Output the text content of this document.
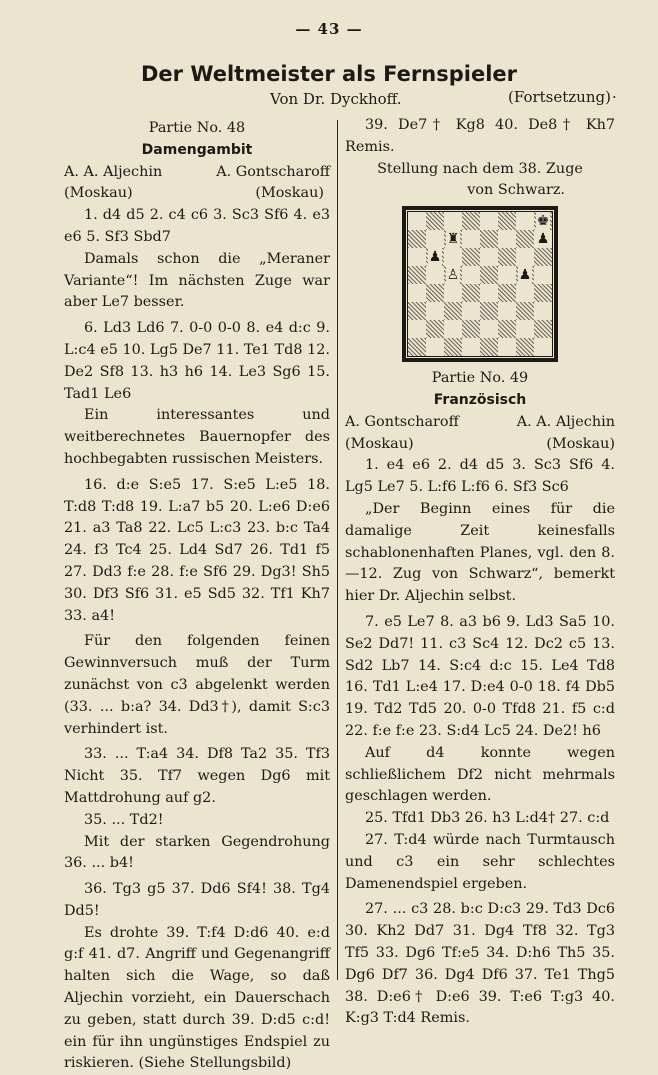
— 43 —
Der Weltmeister als Fernspieler
Von Dr. Dyckhoff.	(Fortsetzung) ·

Partie No. 48

Damengambit

A. A. Aljechin	A. Gontscharoff
(Moskau)	(Moskau)

1. d4 d5 2. c4 c6 3. Sc3 Sf6 4. e3 e6 5. Sf3 Sbd7

Damals schon die „Meraner Variante“! Im nächsten Zuge war aber Le7 besser.

6. Ld3 Ld6 7. 0-0 0-0 8. e4 d:c 9. L:c4 e5 10. Lg5 De7 11. Te1 Td8 12. De2 Sf8 13. h3 h6 14. Le3 Sg6 15. Tad1 Le6

Ein interessantes und weitberechnetes Bauernopfer des hochbegabten russischen Meisters.

16. d:e S:e5 17. S:e5 L:e5 18. T:d8 T:d8 19. L:a7 b5 20. L:e6 D:e6 21. a3 Ta8 22. Lc5 L:c3 23. b:c Ta4 24. f3 Tc4 25. Ld4 Sd7 26. Td1 f5 27. Dd3 f:e 28. f:e Sf6 29. Dg3! Sh5 30. Df3 Sf6 31. e5 Sd5 32. Tf1 Kh7 33. a4!

Für den folgenden feinen Gewinnversuch muß der Turm zunächst von c3 abgelenkt werden (33. ... b:a? 34. Dd3†), damit S:c3 verhindert ist.

33. ... T:a4 34. Df8 Ta2 35. Tf3 Nicht 35. Tf7 wegen Dg6 mit Mattdrohung auf g2.

35. ... Td2!

Mit der starken Gegendrohung 36. ... b4!

36. Tg3 g5 37. Dd6 Sf4! 38. Tg4 Dd5!

Es drohte 39. T:f4 D:d6 40. e:d g:f 41. d7. Angriff und Gegenangriff halten sich die Wage, so daß Aljechin vorzieht, ein Dauerschach zu geben, statt durch 39. D:d5 c:d! ein für ihn ungünstiges Endspiel zu riskieren. (Siehe Stellungsbild)

39. De7† Kg8 40. De8† Kh7 Remis.

Stellung nach dem 38. Zuge

von Schwarz.

♚
♜	♟
♟
♙	♟

Partie No. 49

Französisch

A. Gontscharoff	A. A. Aljechin
(Moskau)	(Moskau)

1. e4 e6 2. d4 d5 3. Sc3 Sf6 4. Lg5 Le7 5. L:f6 L:f6 6. Sf3 Sc6

„Der Beginn eines für die damalige Zeit keinesfalls schablonenhaften Planes, vgl. den 8.—12. Zug von Schwarz“, bemerkt hier Dr. Aljechin selbst.

7. e5 Le7 8. a3 b6 9. Ld3 Sa5 10. Se2 Dd7! 11. c3 Sc4 12. Dc2 c5 13. Sd2 Lb7 14. S:c4 d:c 15. Le4 Td8 16. Td1 L:e4 17. D:e4 0-0 18. f4 Db5 19. Td2 Td5 20. 0-0 Tfd8 21. f5 c:d 22. f:e f:e 23. S:d4 Lc5 24. De2! h6

Auf d4 konnte wegen schließlichem Df2 nicht mehrmals geschlagen werden.

25. Tfd1 Db3 26. h3 L:d4† 27. c:d

27. T:d4 würde nach Turmtausch und c3 ein sehr schlechtes Damenendspiel ergeben.

27. ... c3 28. b:c D:c3 29. Td3 Dc6 30. Kh2 Dd7 31. Dg4 Tf8 32. Tg3 Tf5 33. Dg6 Tf:e5 34. D:h6 Th5 35. Dg6 Df7 36. Dg4 Df6 37. Te1 Thg5 38. D:e6† D:e6 39. T:e6 T:g3 40. K:g3 T:d4 Remis.
